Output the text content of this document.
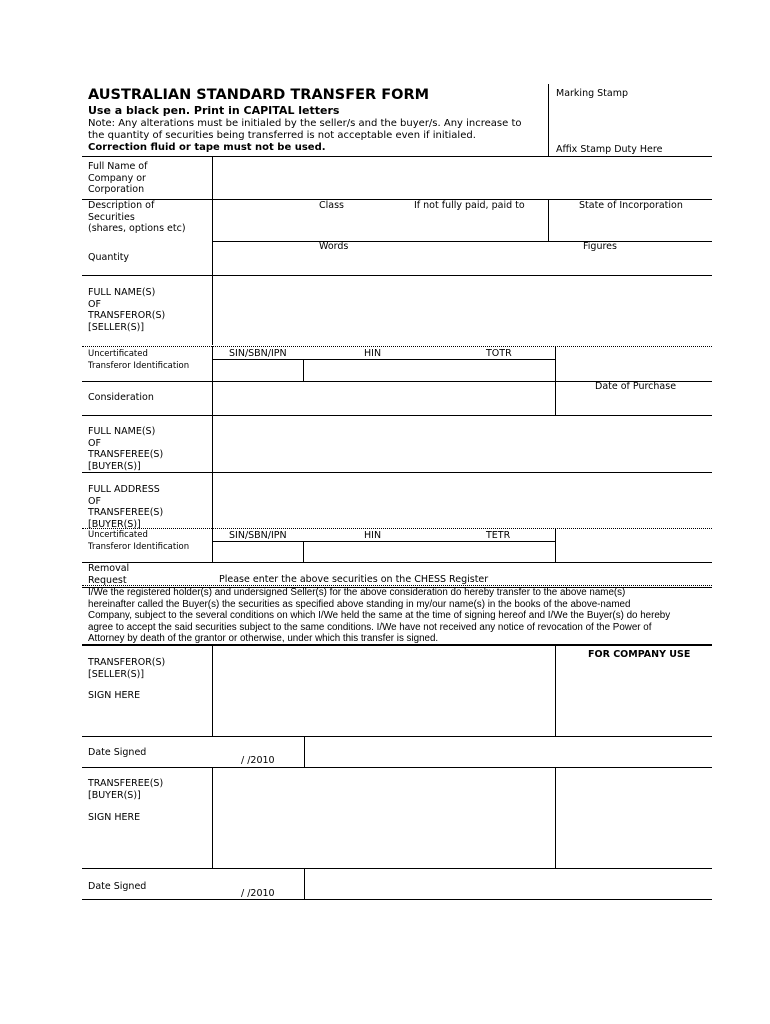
AUSTRALIAN STANDARD TRANSFER FORM
Use a black pen. Print in CAPITAL letters
Note: Any alterations must be initialed by the seller/s and the buyer/s. Any increase to
the quantity of securities being transferred is not acceptable even if initialed.
Correction fluid or tape must not be used.
Marking Stamp
Affix Stamp Duty Here
Full Name of
Company or
Corporation
Description of
Securities
(shares, options etc)
Class	If not fully paid, paid to	State of Incorporation
Words	Figures
Quantity
FULL NAME(S)
OF
TRANSFEROR(S)
[SELLER(S)]
Uncertificated
Transferor Identification
SIN/SBN/IPN	HIN	TOTR
Date of Purchase
Consideration
FULL NAME(S)
OF
TRANSFEREE(S)
[BUYER(S)]
FULL ADDRESS
OF
TRANSFEREE(S)
[BUYER(S)]
Uncertificated
Transferor Identification
SIN/SBN/IPN	HIN	TETR
Removal
Request	Please enter the above securities on the CHESS Register
I/We the registered holder(s) and undersigned Seller(s) for the above consideration do hereby transfer to the above name(s)
hereinafter called the Buyer(s) the securities as specified above standing in my/our name(s) in the books of the above-named
Company, subject to the several conditions on which I/We held the same at the time of signing hereof and I/We the Buyer(s) do hereby
agree to accept the said securities subject to the same conditions. I/We have not received any notice of revocation of the Power of
Attorney by death of the grantor or otherwise, under which this transfer is signed.
TRANSFEROR(S)
[SELLER(S)]
SIGN HERE
FOR COMPANY USE
Date Signed
/ /2010
TRANSFEREE(S)
[BUYER(S)]
SIGN HERE
Date Signed
/ /2010
